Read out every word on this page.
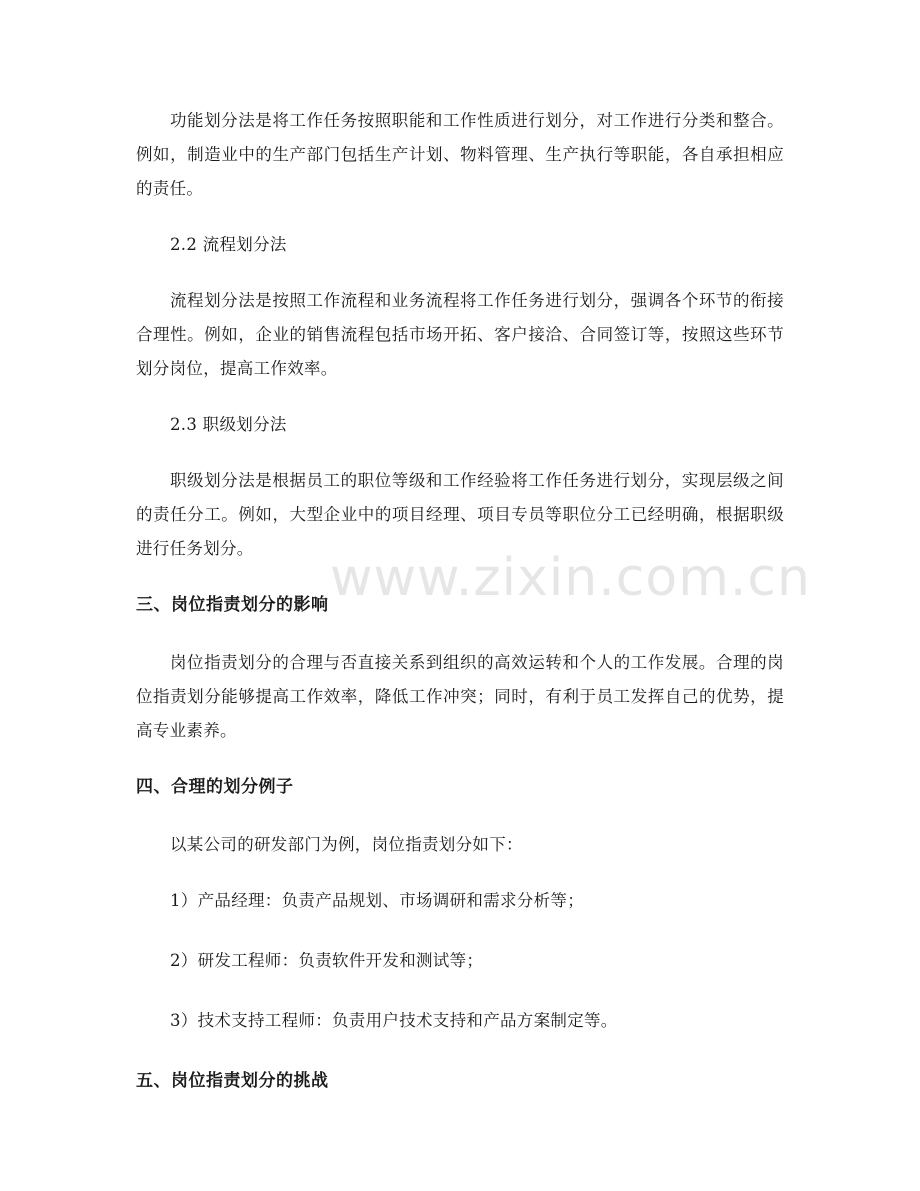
功能划分法是将工作任务按照职能和工作性质进行划分，对工作进行分类和整合。例如，制造业中的生产部门包括生产计划、物料管理、生产执行等职能，各自承担相应的责任。

2.2 流程划分法

流程划分法是按照工作流程和业务流程将工作任务进行划分，强调各个环节的衔接合理性。例如，企业的销售流程包括市场开拓、客户接洽、合同签订等，按照这些环节划分岗位，提高工作效率。

2.3 职级划分法

职级划分法是根据员工的职位等级和工作经验将工作任务进行划分，实现层级之间的责任分工。例如，大型企业中的项目经理、项目专员等职位分工已经明确，根据职级进行任务划分。

三、岗位指责划分的影响

岗位指责划分的合理与否直接关系到组织的高效运转和个人的工作发展。合理的岗位指责划分能够提高工作效率，降低工作冲突；同时，有利于员工发挥自己的优势，提高专业素养。

四、合理的划分例子

以某公司的研发部门为例，岗位指责划分如下：

1）产品经理：负责产品规划、市场调研和需求分析等；

2）研发工程师：负责软件开发和测试等；

3）技术支持工程师：负责用户技术支持和产品方案制定等。

五、岗位指责划分的挑战
www.zixin.com.cn
